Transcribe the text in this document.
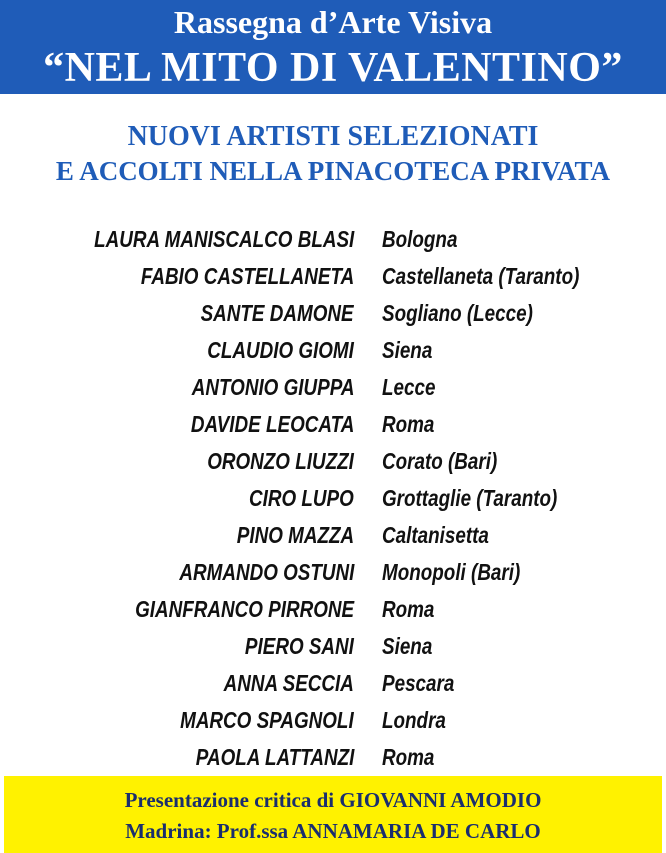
Rassegna d’Arte Visiva
“NEL MITO DI VALENTINO”
NUOVI ARTISTI SELEZIONATI
E ACCOLTI NELLA PINACOTECA PRIVATA
LAURA MANISCALCO BLASI Bologna
FABIO CASTELLANETA Castellaneta (Taranto)
SANTE DAMONE Sogliano (Lecce)
CLAUDIO GIOMI Siena
ANTONIO GIUPPA Lecce
DAVIDE LEOCATA Roma
ORONZO LIUZZI Corato (Bari)
CIRO LUPO Grottaglie (Taranto)
PINO MAZZA Caltanisetta
ARMANDO OSTUNI Monopoli (Bari)
GIANFRANCO PIRRONE Roma
PIERO SANI Siena
ANNA SECCIA Pescara
MARCO SPAGNOLI Londra
PAOLA LATTANZI Roma
Presentazione critica di GIOVANNI AMODIO
Madrina: Prof.ssa ANNAMARIA DE CARLO
